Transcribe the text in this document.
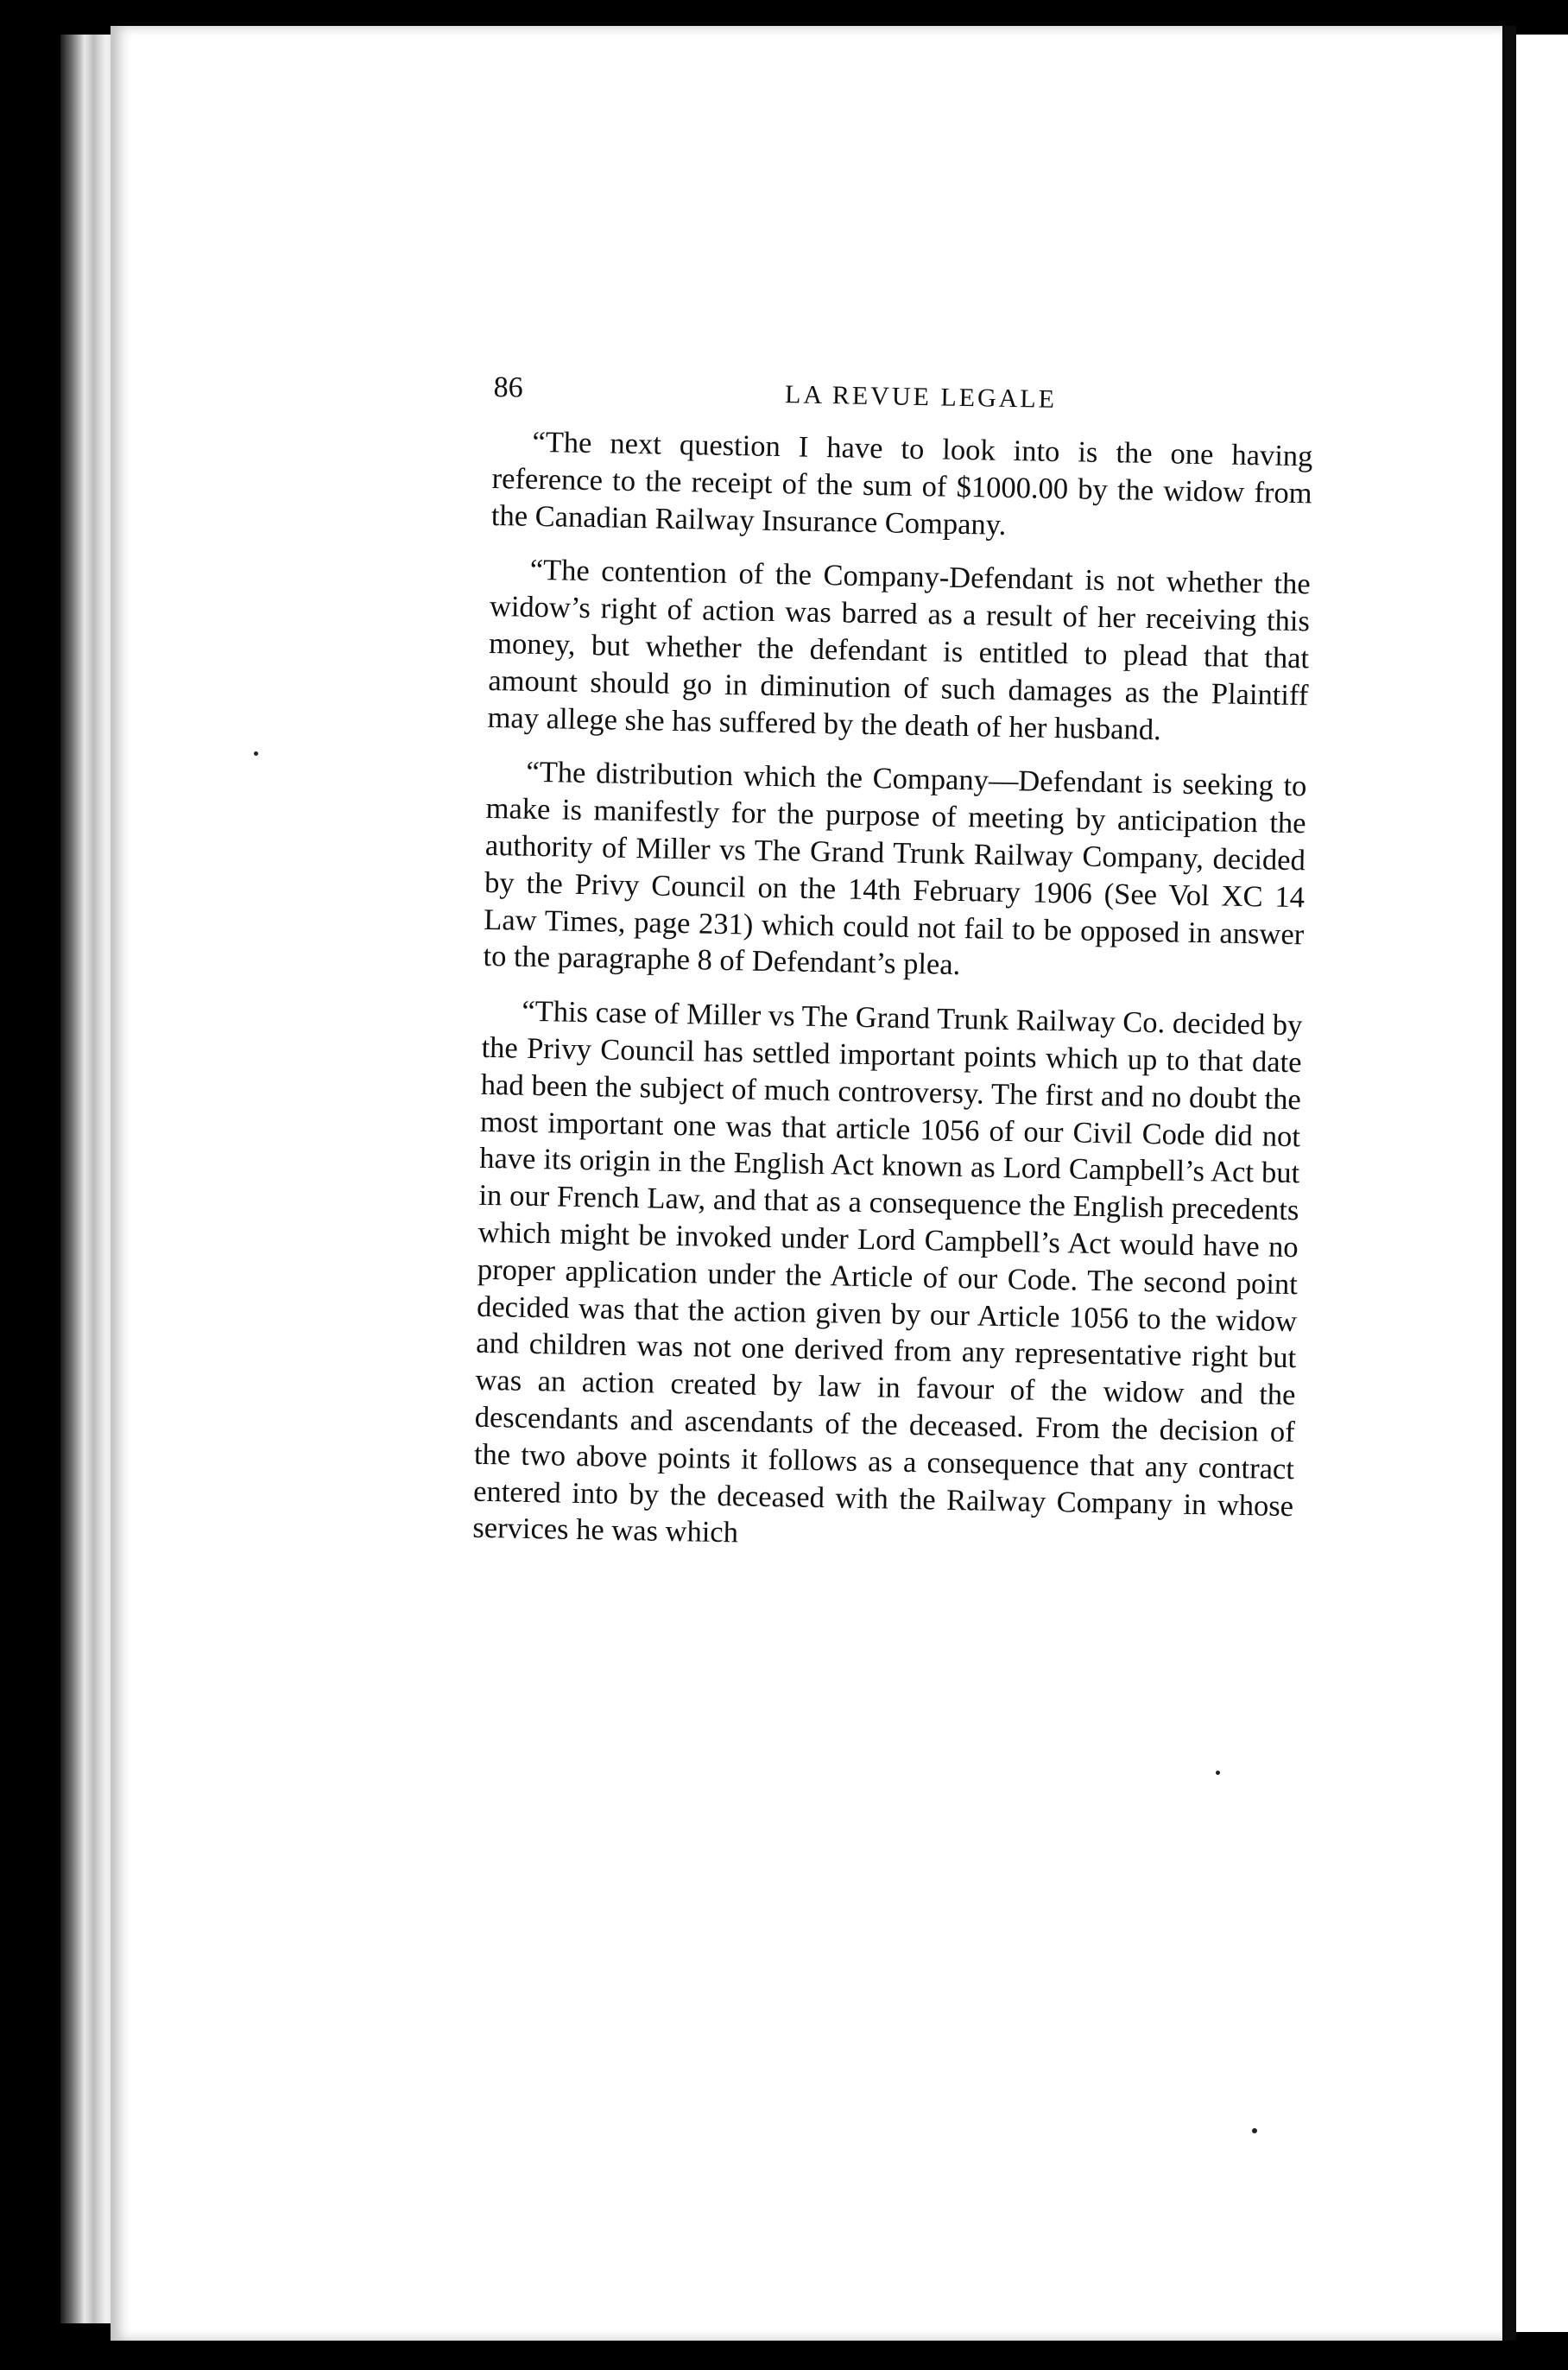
86	LA REVUE LEGALE

“The next question I have to look into is the one having reference to the receipt of the sum of $1000.00 by the widow from the Canadian Railway Insurance Company.

“The contention of the Company-Defendant is not whether the widow’s right of action was barred as a result of her receiving this money, but whether the defendant is entitled to plead that that amount should go in diminution of such damages as the Plaintiff may allege she has suffered by the death of her husband.

“The distribution which the Company—Defendant is seeking to make is manifestly for the purpose of meeting by anticipation the authority of Miller vs The Grand Trunk Railway Company, decided by the Privy Council on the 14th February 1906 (See Vol XC 14 Law Times, page 231) which could not fail to be opposed in answer to the paragraphe 8 of Defendant’s plea.

“This case of Miller vs The Grand Trunk Railway Co. decided by the Privy Council has settled important points which up to that date had been the subject of much controversy. The first and no doubt the most important one was that article 1056 of our Civil Code did not have its origin in the English Act known as Lord Campbell’s Act but in our French Law, and that as a consequence the English precedents which might be invoked under Lord Campbell’s Act would have no proper application under the Article of our Code. The second point decided was that the action given by our Article 1056 to the widow and children was not one derived from any representative right but was an action created by law in favour of the widow and the descendants and ascendants of the deceased. From the decision of the two above points it follows as a consequence that any contract entered into by the deceased with the Railway Company in whose services he was which
